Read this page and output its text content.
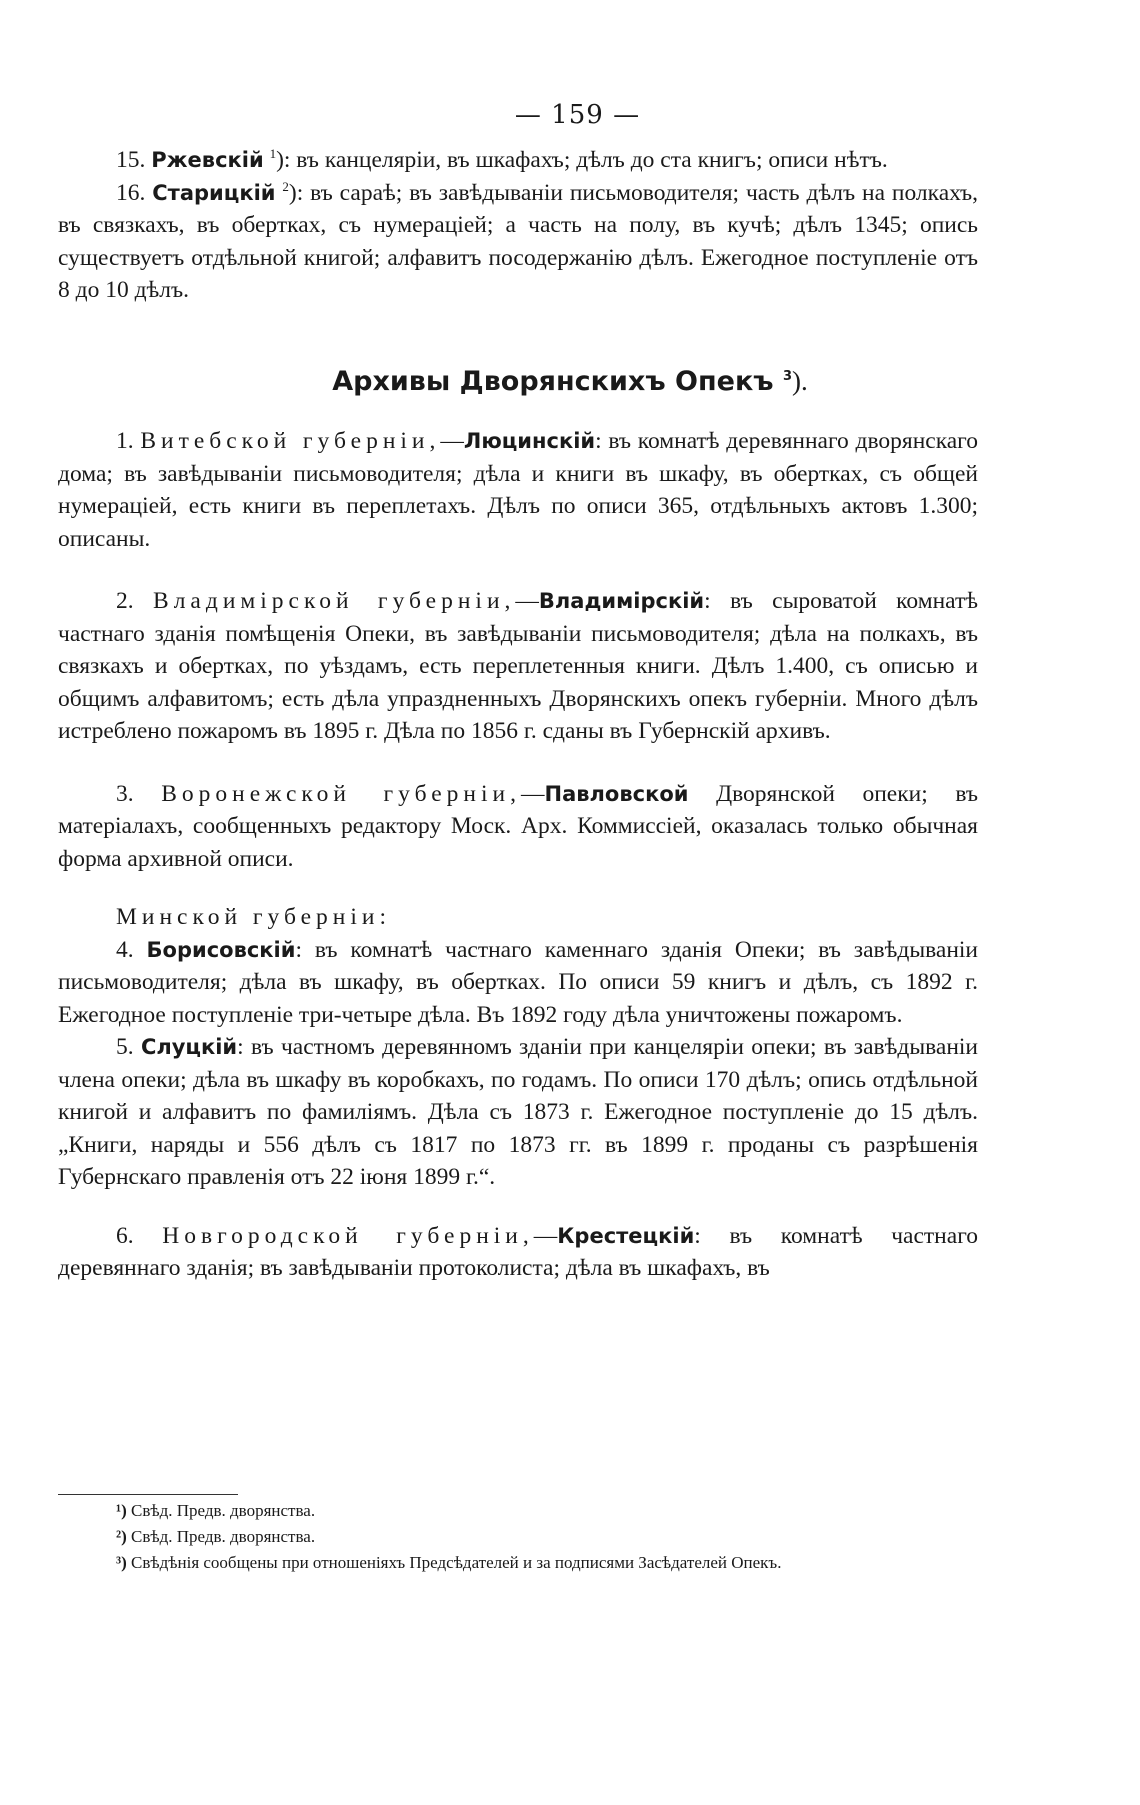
— 159 —

15. Ржевскій $^1$): въ канцеляріи, въ шкафахъ; дѣлъ до ста книгъ; описи нѣтъ.

16. Старицкій $^2$): въ сараѣ; въ завѣдываніи письмоводителя; часть дѣлъ на полкахъ, въ связкахъ, въ обертках, съ нумераціей; а часть на полу, въ кучѣ; дѣлъ 1345; опись существуетъ отдѣльной книгой; алфавитъ посодержанію дѣлъ. Ежегодное поступленіе отъ 8 до 10 дѣлъ.

Архивы Дворянскихъ Опекъ $^3$).

1. Витебской губерніи,—Люцинскій: въ комнатѣ деревяннаго дворянскаго дома; въ завѣдываніи письмоводителя; дѣла и книги въ шкафу, въ обертках, съ общей нумераціей, есть книги въ переплетахъ. Дѣлъ по описи 365, отдѣльныхъ актовъ 1.300; описаны.

2. Владимірской губерніи,—Владимірскій: въ сыроватой комнатѣ частнаго зданія помѣщенія Опеки, въ завѣдываніи письмоводителя; дѣла на полкахъ, въ связкахъ и обертках, по уѣздамъ, есть переплетенныя книги. Дѣлъ 1.400, съ описью и общимъ алфавитомъ; есть дѣла упраздненныхъ Дворянскихъ опекъ губерніи. Много дѣлъ истреблено пожаромъ въ 1895 г. Дѣла по 1856 г. сданы въ Губернскій архивъ.

3. Воронежской губерніи,—Павловской Дворянской опеки; въ матеріалахъ, сообщенныхъ редактору Моск. Арх. Коммиссіей, оказалась только обычная форма архивной описи.

Минской губерніи:

4. Борисовскій: въ комнатѣ частнаго каменнаго зданія Опеки; въ завѣдываніи письмоводителя; дѣла въ шкафу, въ обертках. По описи 59 книгъ и дѣлъ, съ 1892 г. Ежегодное поступленіе три-четыре дѣла. Въ 1892 году дѣла уничтожены пожаромъ.

5. Слуцкій: въ частномъ деревянномъ зданіи при канцеляріи опеки; въ завѣдываніи члена опеки; дѣла въ шкафу въ коробкахъ, по годамъ. По описи 170 дѣлъ; опись отдѣльной книгой и алфавитъ по фамиліямъ. Дѣла съ 1873 г. Ежегодное поступленіе до 15 дѣлъ. „Книги, наряды и 556 дѣлъ съ 1817 по 1873 гг. въ 1899 г. проданы съ разрѣшенія Губернскаго правленія отъ 22 іюня 1899 г.“.

6. Новгородской губерніи,—Крестецкій: въ комнатѣ частнаго деревяннаго зданія; въ завѣдываніи протоколиста; дѣла въ шкафахъ, въ

¹) Свѣд. Предв. дворянства.

²) Свѣд. Предв. дворянства.

³) Свѣдѣнія сообщены при отношеніяхъ Предсѣдателей и за подписями Засѣдателей Опекъ.
